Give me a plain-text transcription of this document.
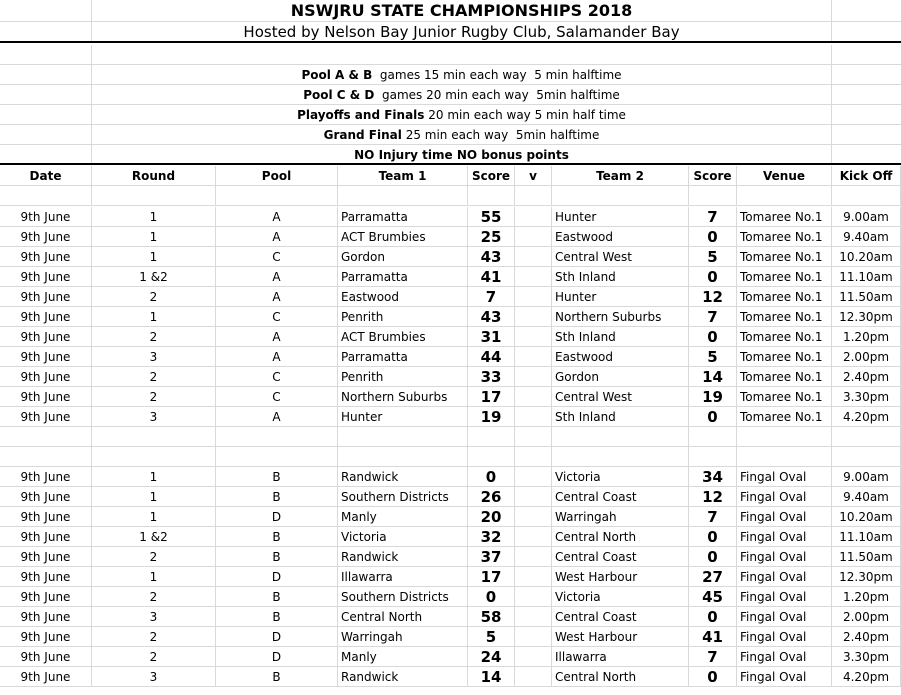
NSWJRU STATE CHAMPIONSHIPS 2018
Hosted by Nelson Bay Junior Rugby Club, Salamander Bay
Pool A & B  games 15 min each way  5 min halftime
Pool C & D  games 20 min each way  5min halftime
Playoffs and Finals 20 min each way 5 min half time
Grand Final 25 min each way  5min halftime
NO Injury time NO bonus points
Date	Round	Pool	Team 1	Score	v	Team 2	Score	Venue	Kick Off
9th June	1	A	Parramatta	55	Hunter	7	Tomaree No.1	9.00am
9th June	1	A	ACT Brumbies	25	Eastwood	0	Tomaree No.1	9.40am
9th June	1	C	Gordon	43	Central West	5	Tomaree No.1	10.20am
9th June	1 &2	A	Parramatta	41	Sth Inland	0	Tomaree No.1	11.10am
9th June	2	A	Eastwood	7	Hunter	12	Tomaree No.1	11.50am
9th June	1	C	Penrith	43	Northern Suburbs	7	Tomaree No.1	12.30pm
9th June	2	A	ACT Brumbies	31	Sth Inland	0	Tomaree No.1	1.20pm
9th June	3	A	Parramatta	44	Eastwood	5	Tomaree No.1	2.00pm
9th June	2	C	Penrith	33	Gordon	14	Tomaree No.1	2.40pm
9th June	2	C	Northern Suburbs	17	Central West	19	Tomaree No.1	3.30pm
9th June	3	A	Hunter	19	Sth Inland	0	Tomaree No.1	4.20pm
9th June	1	B	Randwick	0	Victoria	34	Fingal Oval	9.00am
9th June	1	B	Southern Districts	26	Central Coast	12	Fingal Oval	9.40am
9th June	1	D	Manly	20	Warringah	7	Fingal Oval	10.20am
9th June	1 &2	B	Victoria	32	Central North	0	Fingal Oval	11.10am
9th June	2	B	Randwick	37	Central Coast	0	Fingal Oval	11.50am
9th June	1	D	Illawarra	17	West Harbour	27	Fingal Oval	12.30pm
9th June	2	B	Southern Districts	0	Victoria	45	Fingal Oval	1.20pm
9th June	3	B	Central North	58	Central Coast	0	Fingal Oval	2.00pm
9th June	2	D	Warringah	5	West Harbour	41	Fingal Oval	2.40pm
9th June	2	D	Manly	24	Illawarra	7	Fingal Oval	3.30pm
9th June	3	B	Randwick	14	Central North	0	Fingal Oval	4.20pm
